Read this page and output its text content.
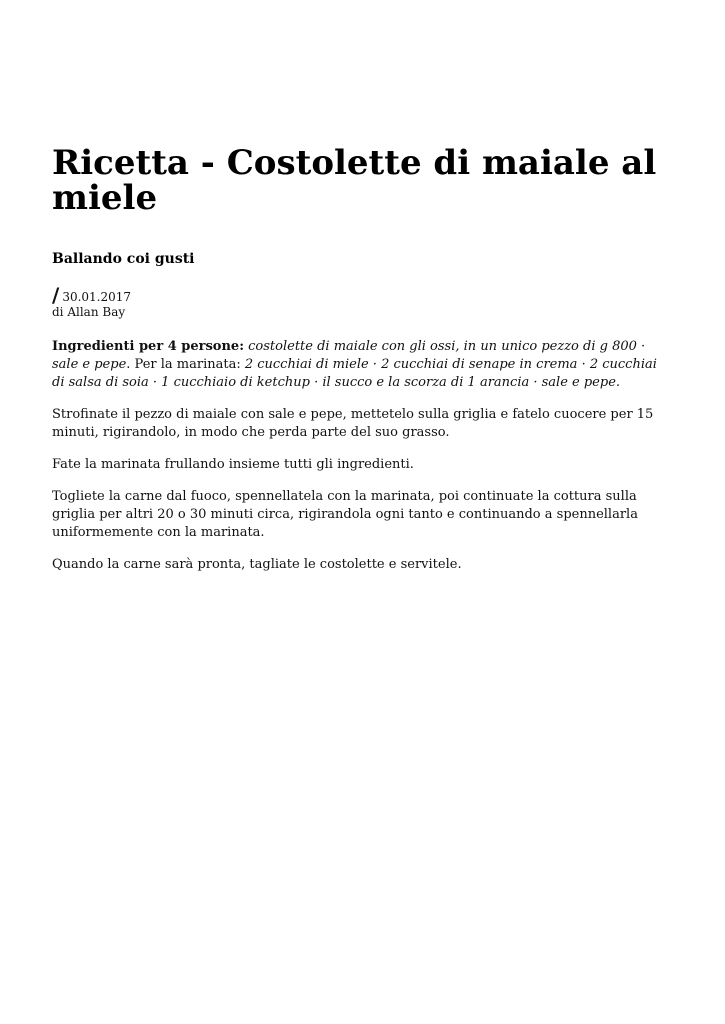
Ricetta - Costolette di maiale al miele
Ballando coi gusti
/ 30.01.2017
di Allan Bay

Ingredienti per 4 persone: costolette di maiale con gli ossi, in un unico pezzo di g 800 · sale e pepe. Per la marinata: 2 cucchiai di miele · 2 cucchiai di senape in crema · 2 cucchiai di salsa di soia · 1 cucchiaio di ketchup · il succo e la scorza di 1 arancia · sale e pepe.

Strofinate il pezzo di maiale con sale e pepe, mettetelo sulla griglia e fatelo cuocere per 15 minuti, rigirandolo, in modo che perda parte del suo grasso.

Fate la marinata frullando insieme tutti gli ingredienti.

Togliete la carne dal fuoco, spennellatela con la marinata, poi continuate la cottura sulla griglia per altri 20 o 30 minuti circa, rigirandola ogni tanto e continuando a spennellarla uniformemente con la marinata.

Quando la carne sarà pronta, tagliate le costolette e servitele.
